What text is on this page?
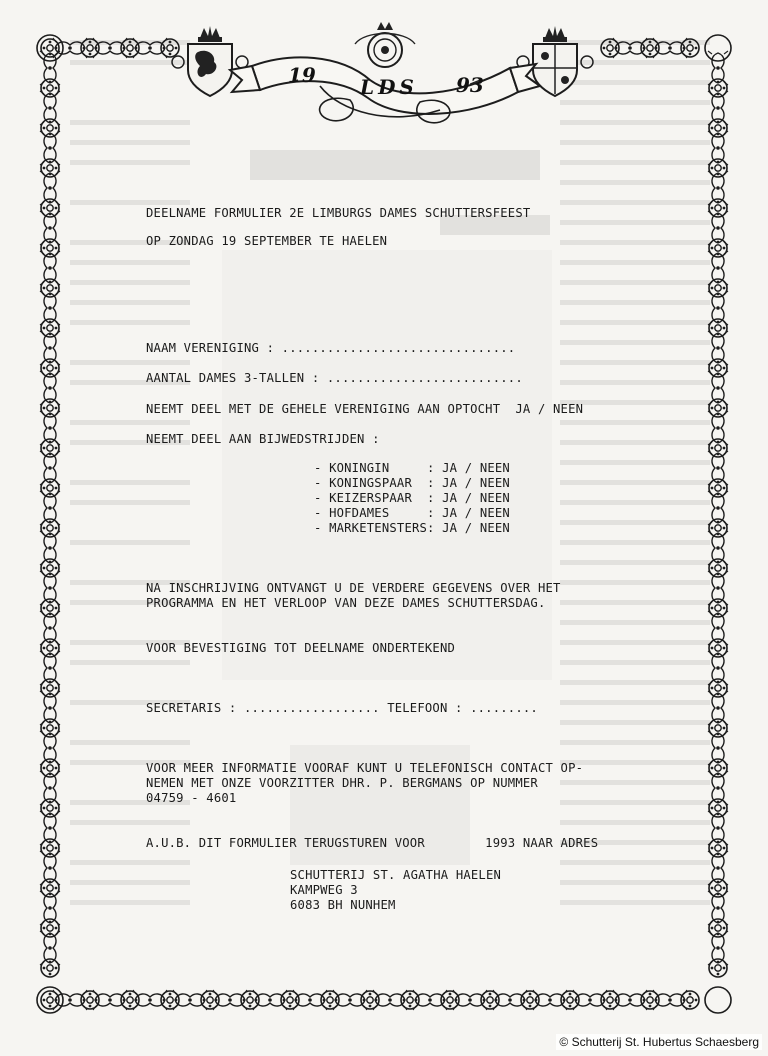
19 LDS 93

DEELNAME FORMULIER 2E LIMBURGS DAMES SCHUTTERSFEEST

OP ZONDAG 19 SEPTEMBER TE HAELEN

NAAM VERENIGING : ...............................

AANTAL DAMES 3-TALLEN : ..........................

NEEMT DEEL MET DE GEHELE VERENIGING AAN OPTOCHT  JA / NEEN

NEEMT DEEL AAN BIJWEDSTRIJDEN :

- KONINGIN     : JA / NEEN

- KONINGSPAAR  : JA / NEEN

- KEIZERSPAAR  : JA / NEEN

- HOFDAMES     : JA / NEEN

- MARKETENSTERS: JA / NEEN

NA INSCHRIJVING ONTVANGT U DE VERDERE GEGEVENS OVER HET

PROGRAMMA EN HET VERLOOP VAN DEZE DAMES SCHUTTERSDAG.

VOOR BEVESTIGING TOT DEELNAME ONDERTEKEND

SECRETARIS : .................. TELEFOON : .........

VOOR MEER INFORMATIE VOORAF KUNT U TELEFONISCH CONTACT OP-

NEMEN MET ONZE VOORZITTER DHR. P. BERGMANS OP NUMMER

04759 - 4601

A.U.B. DIT FORMULIER TERUGSTUREN VOOR        1993 NAAR ADRES

SCHUTTERIJ ST. AGATHA HAELEN

KAMPWEG 3

6083 BH NUNHEM

© Schutterij St. Hubertus Schaesberg
